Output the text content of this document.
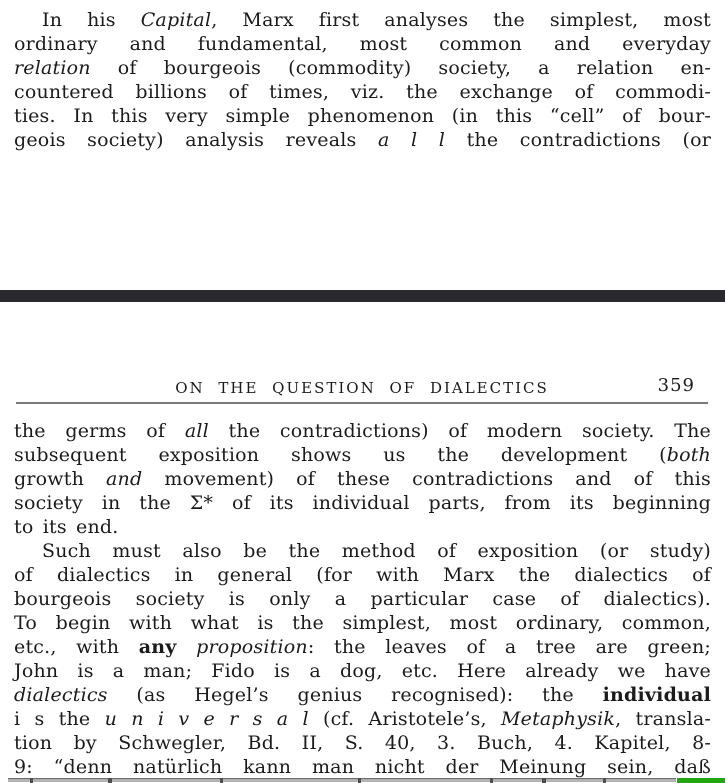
In his Capital, Marx first analyses the simplest, most
ordinary and fundamental, most common and everyday
relation of bourgeois (commodity) society, a relation en-
countered billions of times, viz. the exchange of commodi-
ties. In this very simple phenomenon (in this “cell” of bour-
geois society) analysis reveals a l l the contradictions (or
ON THE QUESTION OF DIALECTICS	359
the germs of all the contradictions) of modern society. The
subsequent exposition shows us the development (both
growth and movement) of these contradictions and of this
society in the Σ* of its individual parts, from its beginning
to its end.
Such must also be the method of exposition (or study)
of dialectics in general (for with Marx the dialectics of
bourgeois society is only a particular case of dialectics).
To begin with what is the simplest, most ordinary, common,
etc., with any proposition: the leaves of a tree are green;
John is a man; Fido is a dog, etc. Here already we have
dialectics (as Hegel’s genius recognised): the individual
i s the u n i v e r s a l (cf. Aristotele’s, Metaphysik, transla-
tion by Schwegler, Bd. II, S. 40, 3. Buch, 4. Kapitel, 8-
9: “denn natürlich kann man nicht der Meinung sein, daß
